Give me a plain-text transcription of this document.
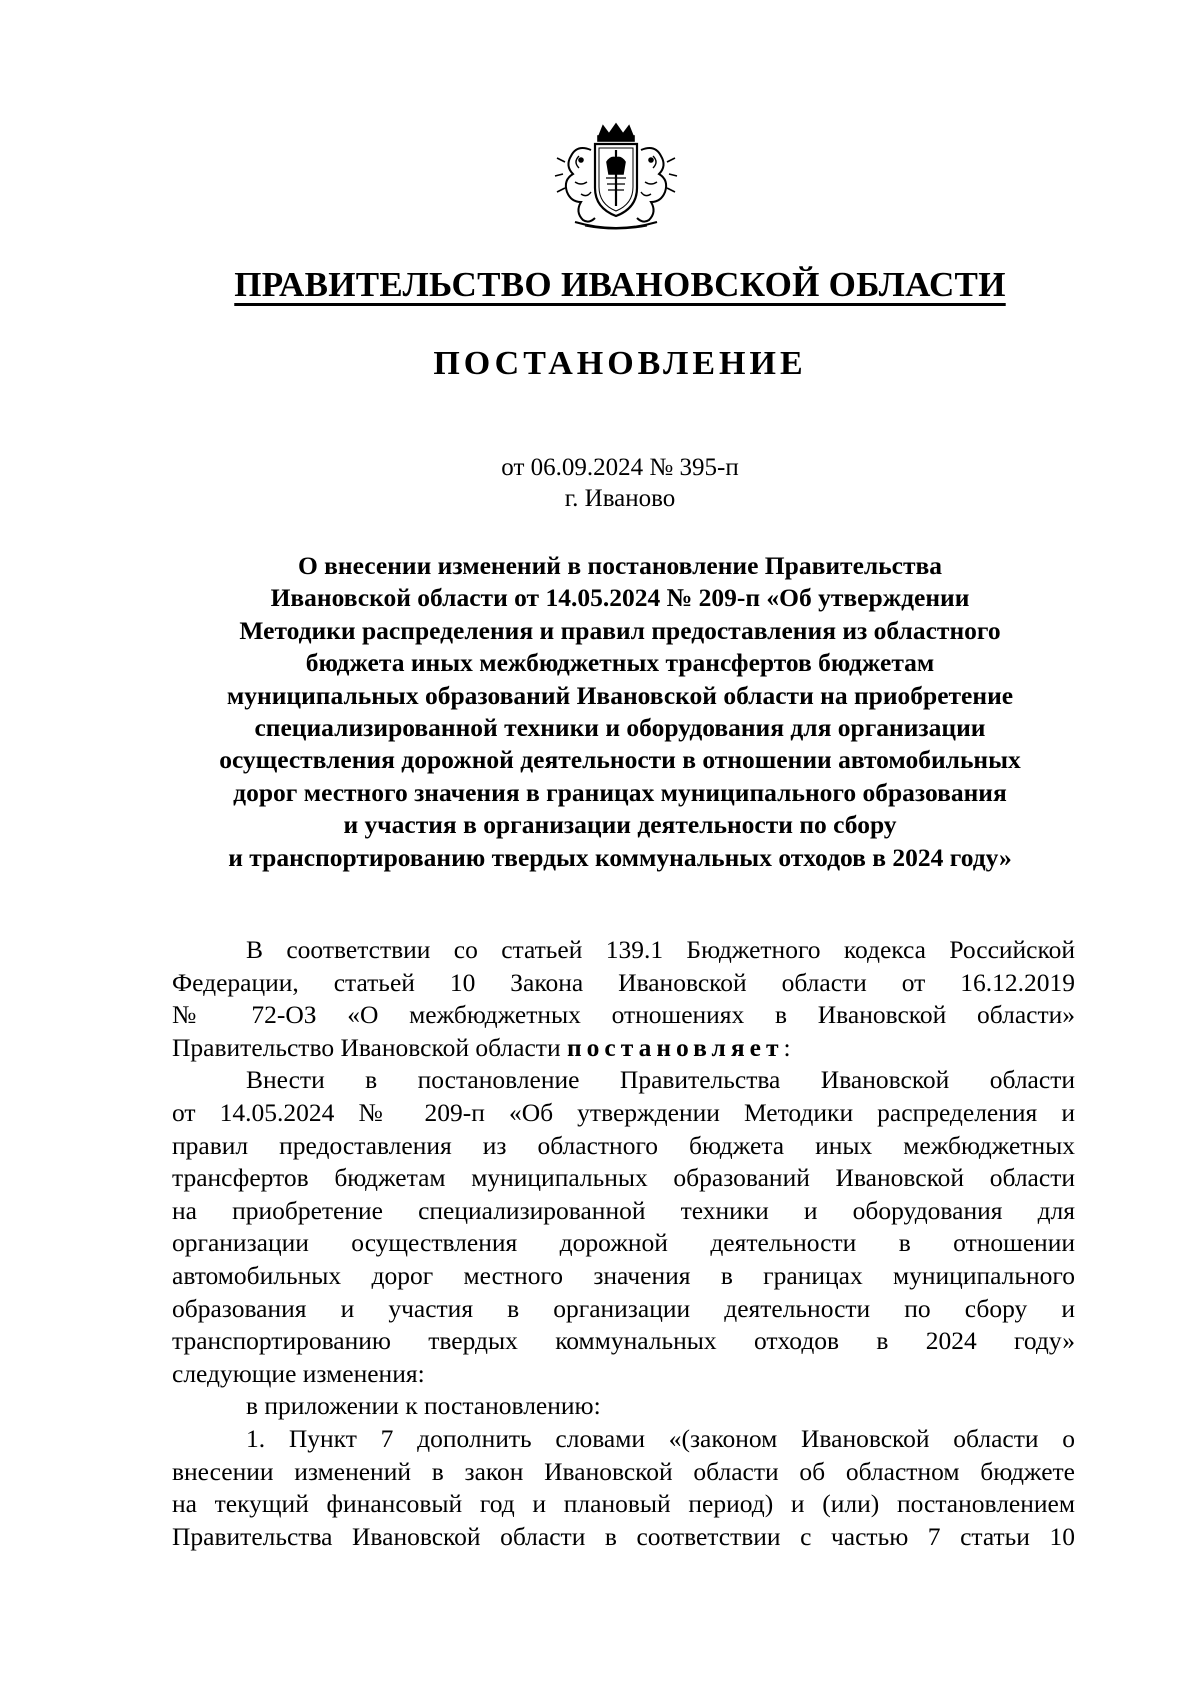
ПРАВИТЕЛЬСТВО ИВАНОВСКОЙ ОБЛАСТИ
ПОСТАНОВЛЕНИЕ
от 06.09.2024 № 395-п
г. Иваново
О внесении изменений в постановление Правительства
Ивановской области от 14.05.2024 № 209-п «Об утверждении
Методики распределения и правил предоставления из областного
бюджета иных межбюджетных трансфертов бюджетам
муниципальных образований Ивановской области на приобретение
специализированной техники и оборудования для организации
осуществления дорожной деятельности в отношении автомобильных
дорог местного значения в границах муниципального образования
и участия в организации деятельности по сбору
и транспортированию твердых коммунальных отходов в 2024 году»
В соответствии со статьей 139.1 Бюджетного кодекса Российской
Федерации, статьей 10 Закона Ивановской области от 16.12.2019
№ 72-ОЗ «О межбюджетных отношениях в Ивановской области»
Правительство Ивановской области постановляет:
Внести в постановление Правительства Ивановской области
от 14.05.2024 № 209-п «Об утверждении Методики распределения и
правил предоставления из областного бюджета иных межбюджетных
трансфертов бюджетам муниципальных образований Ивановской области
на приобретение специализированной техники и оборудования для
организации осуществления дорожной деятельности в отношении
автомобильных дорог местного значения в границах муниципального
образования и участия в организации деятельности по сбору и
транспортированию твердых коммунальных отходов в 2024 году»
следующие изменения:
в приложении к постановлению:
1. Пункт 7 дополнить словами «(законом Ивановской области о
внесении изменений в закон Ивановской области об областном бюджете
на текущий финансовый год и плановый период) и (или) постановлением
Правительства Ивановской области в соответствии с частью 7 статьи 10
